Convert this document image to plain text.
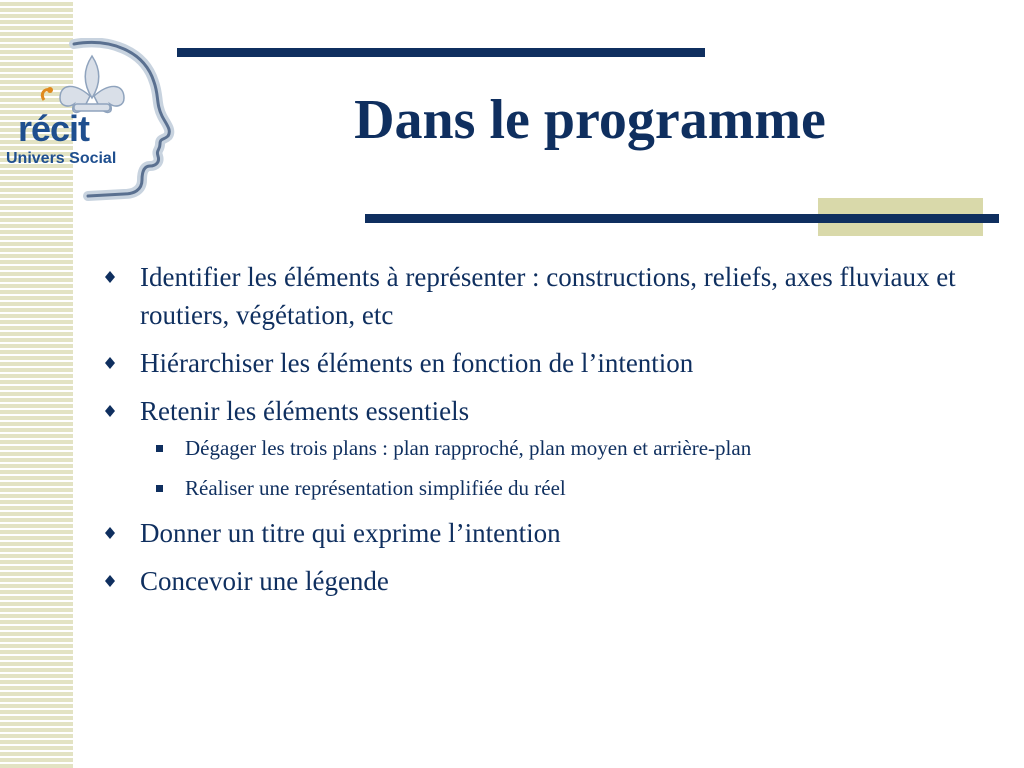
récit
Univers Social
Dans le programme
Identifier les éléments à représenter : constructions, reliefs, axes fluviaux et routiers, végétation, etc
Hiérarchiser les éléments en fonction de l’intention
Retenir les éléments essentiels
Dégager les trois plans : plan rapproché, plan moyen et arrière-plan
Réaliser une représentation simplifiée du réel
Donner un titre qui exprime l’intention
Concevoir une légende
